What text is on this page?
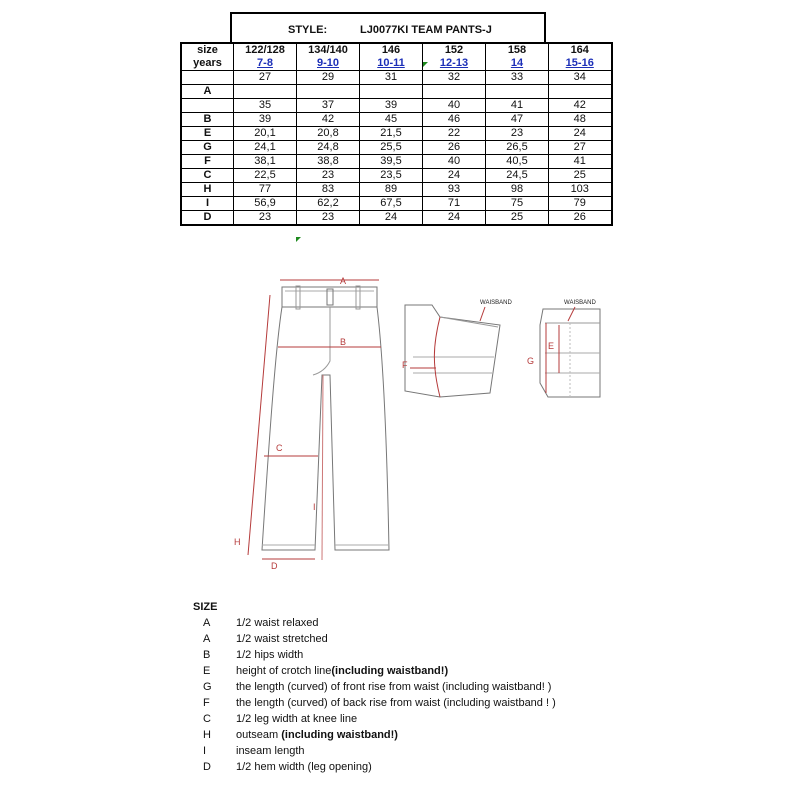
STYLE:	LJ0077KI TEAM PANTS-J
size	122/128	134/140	146	152	158	164
years	7-8	9-10	10-11	12-13	14	15-16
	27	29	31	32	33	34
A						
	35	37	39	40	41	42
B	39	42	45	46	47	48
E	20,1	20,8	21,5	22	23	24
G	24,1	24,8	25,5	26	26,5	27
F	38,1	38,8	39,5	40	40,5	41
C	22,5	23	23,5	24	24,5	25
H	77	83	89	93	98	103
I	56,9	62,2	67,5	71	75	79
D	23	23	24	24	25	26
A
B
C
D
H
I
WAISBAND
F
WAISBAND
E
G
SIZE
A	1/2 waist relaxed
A	1/2 waist stretched
B	1/2 hips width
E	height of crotch line(including waistband!)
G	the length (curved) of front rise from waist (including waistband! )
F	the length (curved) of back rise from waist (including waistband ! )
C	1/2 leg width at knee line
H	outseam (including waistband!)
I	inseam length
D	1/2 hem width (leg opening)
